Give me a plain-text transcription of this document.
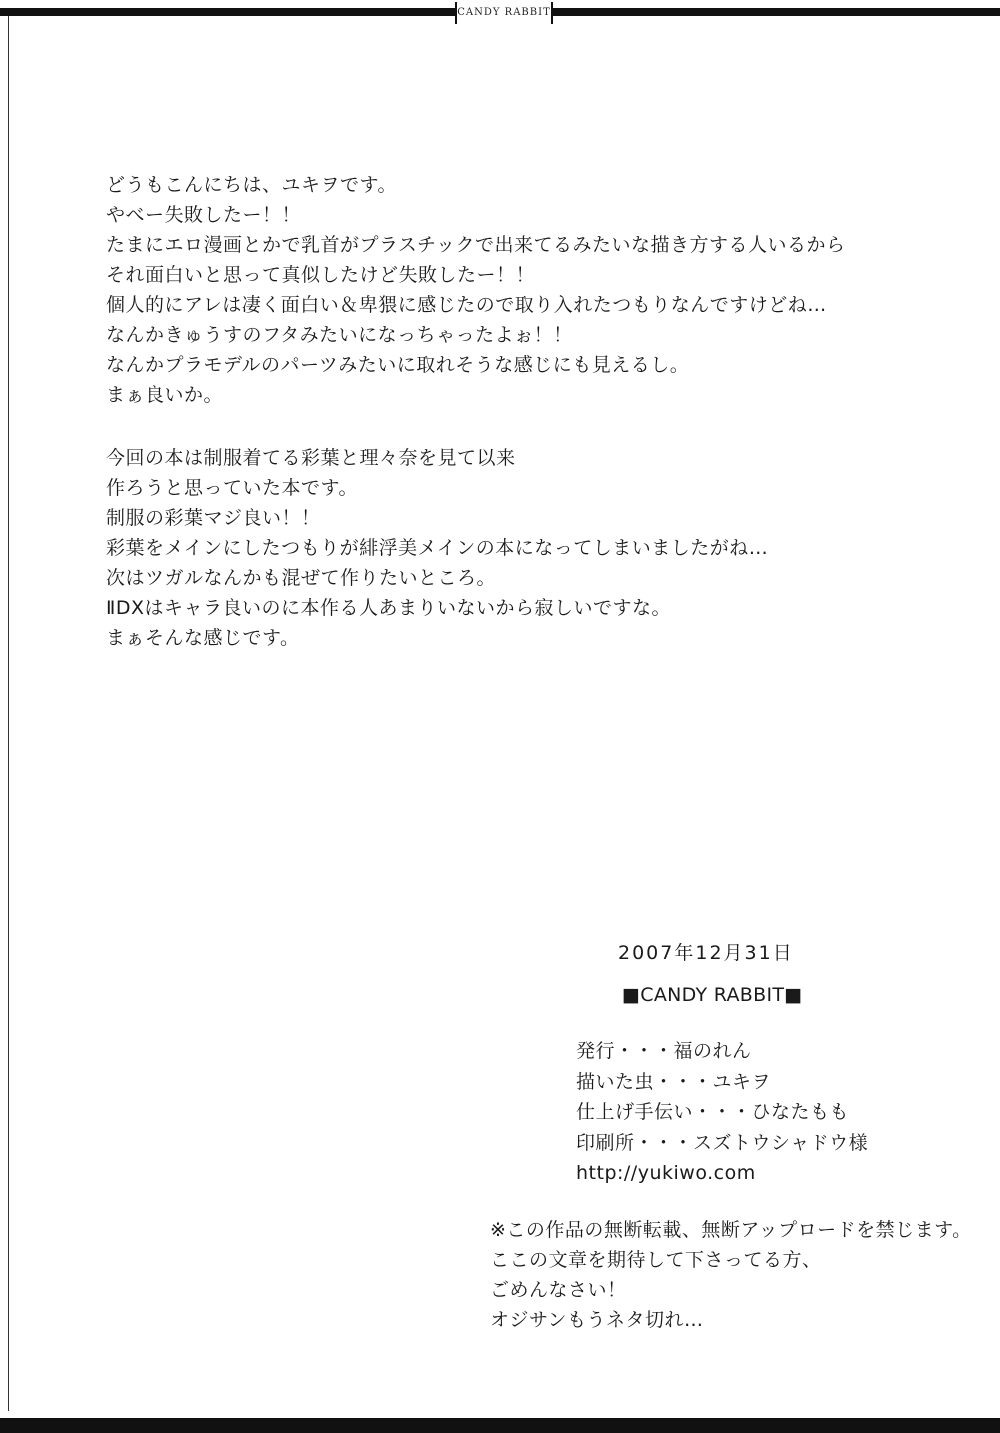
CANDY RABBIT
どうもこんにちは、ユキヲです。
やべー失敗したー！！
たまにエロ漫画とかで乳首がプラスチックで出来てるみたいな描き方する人いるから
それ面白いと思って真似したけど失敗したー！！
個人的にアレは凄く面白い＆卑猥に感じたので取り入れたつもりなんですけどね…
なんかきゅうすのフタみたいになっちゃったよぉ！！
なんかプラモデルのパーツみたいに取れそうな感じにも見えるし。
まぁ良いか。
今回の本は制服着てる彩葉と理々奈を見て以来
作ろうと思っていた本です。
制服の彩葉マジ良い！！
彩葉をメインにしたつもりが緋浮美メインの本になってしまいましたがね…
次はツガルなんかも混ぜて作りたいところ。
ⅡDXはキャラ良いのに本作る人あまりいないから寂しいですな。
まぁそんな感じです。
2007年12月31日
■CANDY RABBIT■
発行・・・福のれん
描いた虫・・・ユキヲ
仕上げ手伝い・・・ひなたもも
印刷所・・・スズトウシャドウ様
http://yukiwo.com
※この作品の無断転載、無断アップロードを禁じます。
ここの文章を期待して下さってる方、
ごめんなさい！
オジサンもうネタ切れ…
